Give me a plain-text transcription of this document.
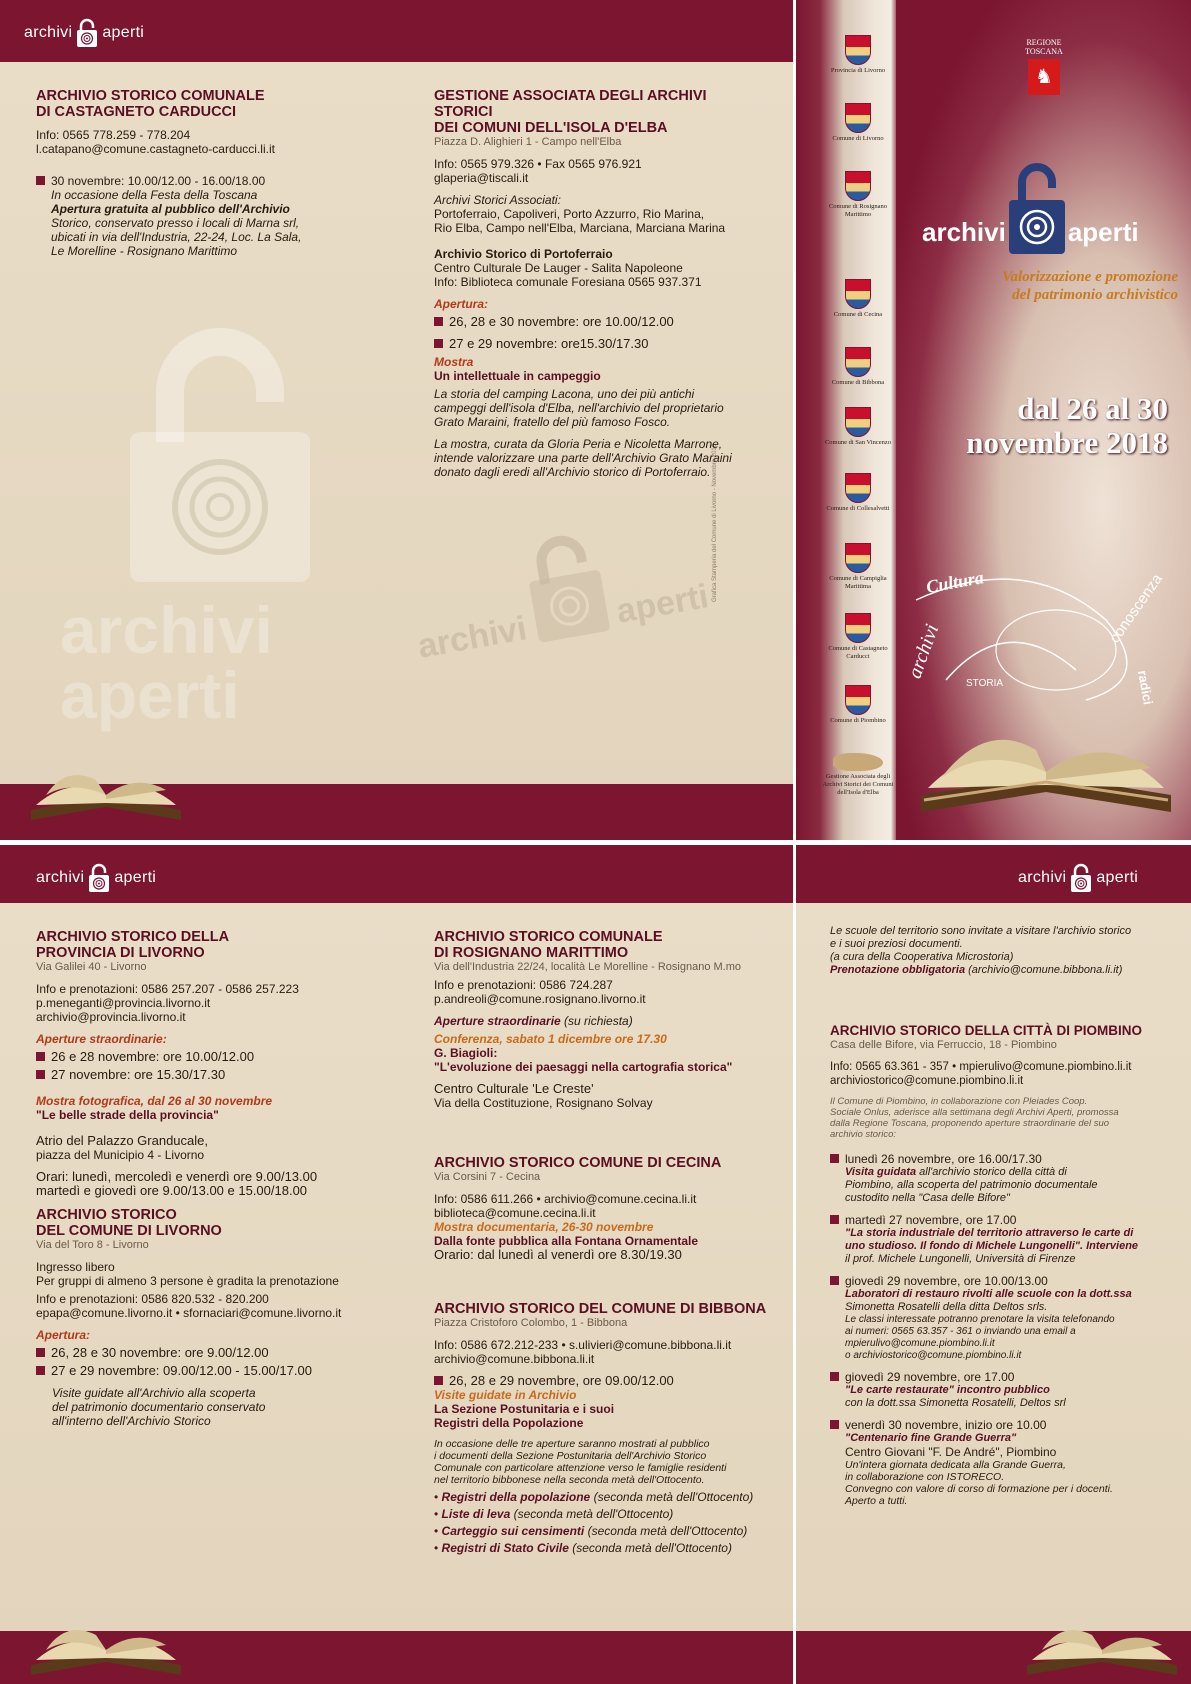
archivi aperti
archivi
aperti
archivi
aperti
Grafica Stamperia del Comune di Livorno - Novembre 2018
ARCHIVIO STORICO COMUNALE
DI CASTAGNETO CARDUCCI
Info: 0565 778.259 - 778.204
l.catapano@comune.castagneto-carducci.li.it
30 novembre: 10.00/12.00 - 16.00/18.00
In occasione della Festa della Toscana
Apertura gratuita al pubblico dell'Archivio
Storico, conservato presso i locali di Marna srl,
ubicati in via dell'Industria, 22-24, Loc. La Sala,
Le Morelline - Rosignano Marittimo
GESTIONE ASSOCIATA DEGLI ARCHIVI STORICI
DEI COMUNI DELL'ISOLA D'ELBA
Piazza D. Alighieri 1 - Campo nell'Elba
Info: 0565 979.326 • Fax 0565 976.921
glaperia@tiscali.it
Archivi Storici Associati:
Portoferraio, Capoliveri, Porto Azzurro, Rio Marina,
Rio Elba, Campo nell'Elba, Marciana, Marciana Marina
Archivio Storico di Portoferraio
Centro Culturale De Lauger - Salita Napoleone
Info: Biblioteca comunale Foresiana 0565 937.371
Apertura:
26, 28 e 30 novembre: ore 10.00/12.00
27 e 29 novembre: ore15.30/17.30
Mostra
Un intellettuale in campeggio
La storia del camping Lacona, uno dei più antichi
campeggi dell'isola d'Elba, nell'archivio del proprietario
Grato Maraini, fratello del più famoso Fosco.
La mostra, curata da Gloria Peria e Nicoletta Marrone,
intende valorizzare una parte dell'Archivio Grato Maraini
donato dagli eredi all'Archivio storico di Portoferraio.
Provincia di Livorno
Comune di Livorno
Comune di Rosignano Marittimo
Comune di Cecina
Comune di Bibbona
Comune di San Vincenzo
Comune di Collesalvetti
Comune di Campiglia Marittima
Comune di Castagneto Carducci
Comune di Piombino
Gestione Associata degli Archivi Storici dei Comuni dell'Isola d'Elba
REGIONE
TOSCANA
♞
archivi aperti
Valorizzazione e promozione
del patrimonio archivistico
dal 26 al 30
novembre 2018
Cultura
archivi
STORIA
conoscenza
radici
archivi aperti
ARCHIVIO STORICO DELLA
PROVINCIA DI LIVORNO
Via Galilei 40 - Livorno
Info e prenotazioni: 0586 257.207 - 0586 257.223
p.meneganti@provincia.livorno.it
archivio@provincia.livorno.it
Aperture straordinarie:
26 e 28 novembre: ore 10.00/12.00
27 novembre: ore 15.30/17.30
Mostra fotografica, dal 26 al 30 novembre
"Le belle strade della provincia"
Atrio del Palazzo Granducale,
piazza del Municipio 4 - Livorno
Orari: lunedì, mercoledì e venerdì ore 9.00/13.00
martedì e giovedì ore 9.00/13.00 e 15.00/18.00
ARCHIVIO STORICO
DEL COMUNE DI LIVORNO
Via del Toro 8 - Livorno
Ingresso libero
Per gruppi di almeno 3 persone è gradita la prenotazione
Info e prenotazioni: 0586 820.532 - 820.200
epapa@comune.livorno.it • sfornaciari@comune.livorno.it
Apertura:
26, 28 e 30 novembre: ore 9.00/12.00
27 e 29 novembre: 09.00/12.00 - 15.00/17.00
Visite guidate all'Archivio alla scoperta
del patrimonio documentario conservato
all'interno dell'Archivio Storico
ARCHIVIO STORICO COMUNALE
DI ROSIGNANO MARITTIMO
Via dell'Industria 22/24, località Le Morelline - Rosignano M.mo
Info e prenotazioni: 0586 724.287
p.andreoli@comune.rosignano.livorno.it
Aperture straordinarie (su richiesta)
Conferenza, sabato 1 dicembre ore 17.30
G. Biagioli:
"L'evoluzione dei paesaggi nella cartografia storica"
Centro Culturale 'Le Creste'
Via della Costituzione, Rosignano Solvay
ARCHIVIO STORICO COMUNE DI CECINA
Via Corsini 7 - Cecina
Info: 0586 611.266 • archivio@comune.cecina.li.it
biblioteca@comune.cecina.li.it
Mostra documentaria, 26-30 novembre
Dalla fonte pubblica alla Fontana Ornamentale
Orario: dal lunedì al venerdì ore 8.30/19.30
ARCHIVIO STORICO DEL COMUNE DI BIBBONA
Piazza Cristoforo Colombo, 1 - Bibbona
Info: 0586 672.212-233 • s.ulivieri@comune.bibbona.li.it
archivio@comune.bibbona.li.it
26, 28 e 29 novembre, ore 09.00/12.00
Visite guidate in Archivio
La Sezione Postunitaria e i suoi
Registri della Popolazione
In occasione delle tre aperture saranno mostrati al pubblico
i documenti della Sezione Postunitaria dell'Archivio Storico
Comunale con particolare attenzione verso le famiglie residenti
nel territorio bibbonese nella seconda metà dell'Ottocento.
• Registri della popolazione (seconda metà dell'Ottocento)
• Liste di leva (seconda metà dell'Ottocento)
• Carteggio sui censimenti (seconda metà dell'Ottocento)
• Registri di Stato Civile (seconda metà dell'Ottocento)
archivi aperti
Le scuole del territorio sono invitate a visitare l'archivio storico
e i suoi preziosi documenti.
(a cura della Cooperativa Microstoria)
Prenotazione obbligatoria (archivio@comune.bibbona.li.it)
ARCHIVIO STORICO DELLA CITTÀ DI PIOMBINO
Casa delle Bifore, via Ferruccio, 18 - Piombino
Info: 0565 63.361 - 357 • mpierulivo@comune.piombino.li.it
archiviostorico@comune.piombino.li.it
Il Comune di Piombino, in collaborazione con Pleiades Coop.
Sociale Onlus, aderisce alla settimana degli Archivi Aperti, promossa
dalla Regione Toscana, proponendo aperture straordinarie del suo
archivio storico:
lunedì 26 novembre, ore 16.00/17.30
Visita guidata all'archivio storico della città di
Piombino, alla scoperta del patrimonio documentale
custodito nella "Casa delle Bifore"
martedì 27 novembre, ore 17.00
"La storia industriale del territorio attraverso le carte di
uno studioso. Il fondo di Michele Lungonelli". Interviene
il prof. Michele Lungonelli, Università di Firenze
giovedì 29 novembre, ore 10.00/13.00
Laboratori di restauro rivolti alle scuole con la dott.ssa
Simonetta Rosatelli della ditta Deltos srls.
Le classi interessate potranno prenotare la visita telefonando
ai numeri: 0565 63.357 - 361 o inviando una email a
mpierulivo@comune.piombino.li.it
o archiviostorico@comune.piombino.li.it
giovedì 29 novembre, ore 17.00
"Le carte restaurate" incontro pubblico
con la dott.ssa Simonetta Rosatelli, Deltos srl
venerdì 30 novembre, inizio ore 10.00
"Centenario fine Grande Guerra"
Centro Giovani "F. De André", Piombino
Un'intera giornata dedicata alla Grande Guerra,
in collaborazione con ISTORECO.
Convegno con valore di corso di formazione per i docenti.
Aperto a tutti.
